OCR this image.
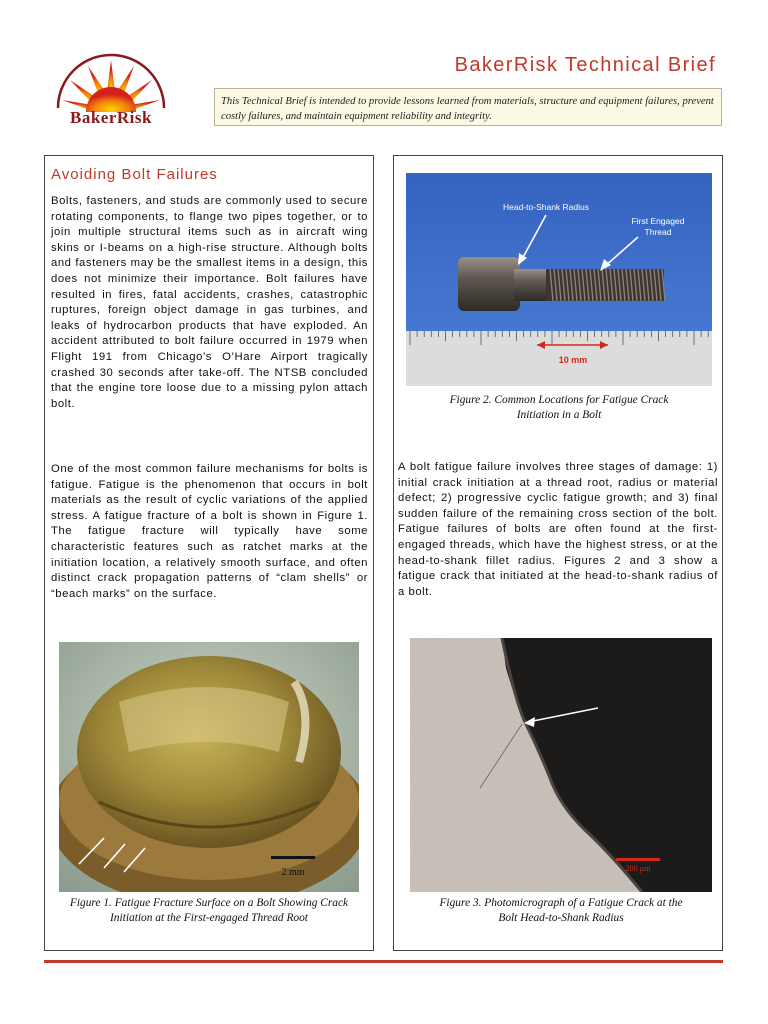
BakerRisk
BakerRisk Technical Brief
This Technical Brief is intended to provide lessons learned from materials, structure and equipment failures, prevent costly failures, and maintain equipment reliability and integrity.
Avoiding Bolt Failures
Bolts, fasteners, and studs are commonly used to secure rotating components, to flange two pipes together, or to join multiple structural items such as in aircraft wing skins or I-beams on a high-rise structure. Although bolts and fasteners may be the smallest items in a design, this does not minimize their importance. Bolt failures have resulted in fires, fatal accidents, crashes, catastrophic ruptures, foreign object damage in gas turbines, and leaks of hydrocarbon products that have exploded. An accident attributed to bolt failure occurred in 1979 when Flight 191 from Chicago’s O’Hare Airport tragically crashed 30 seconds after take-off. The NTSB concluded that the engine tore loose due to a missing pylon attach bolt.
One of the most common failure mechanisms for bolts is fatigue. Fatigue is the phenomenon that occurs in bolt materials as the result of cyclic variations of the applied stress. A fatigue fracture of a bolt is shown in Figure 1. The fatigue fracture will typically have some characteristic features such as ratchet marks at the initiation location, a relatively smooth surface, and often distinct crack propagation patterns of “clam shells” or “beach marks” on the surface.
2 mm
Figure 1. Fatigue Fracture Surface on a Bolt Showing Crack Initiation at the First-engaged Thread Root
10 mm
Head-to-Shank Radius
First Engaged
Thread
Figure 2. Common Locations for Fatigue Crack
Initiation in a Bolt
A bolt fatigue failure involves three stages of damage: 1) initial crack initiation at a thread root, radius or material defect; 2) progressive cyclic fatigue growth; and 3) final sudden failure of the remaining cross section of the bolt. Fatigue failures of bolts are often found at the first-engaged threads, which have the highest stress, or at the head-to-shank fillet radius. Figures 2 and 3 show a fatigue crack that initiated at the head-to-shank radius of a bolt.
200 µm
Figure 3. Photomicrograph of a Fatigue Crack at the
Bolt Head-to-Shank Radius
